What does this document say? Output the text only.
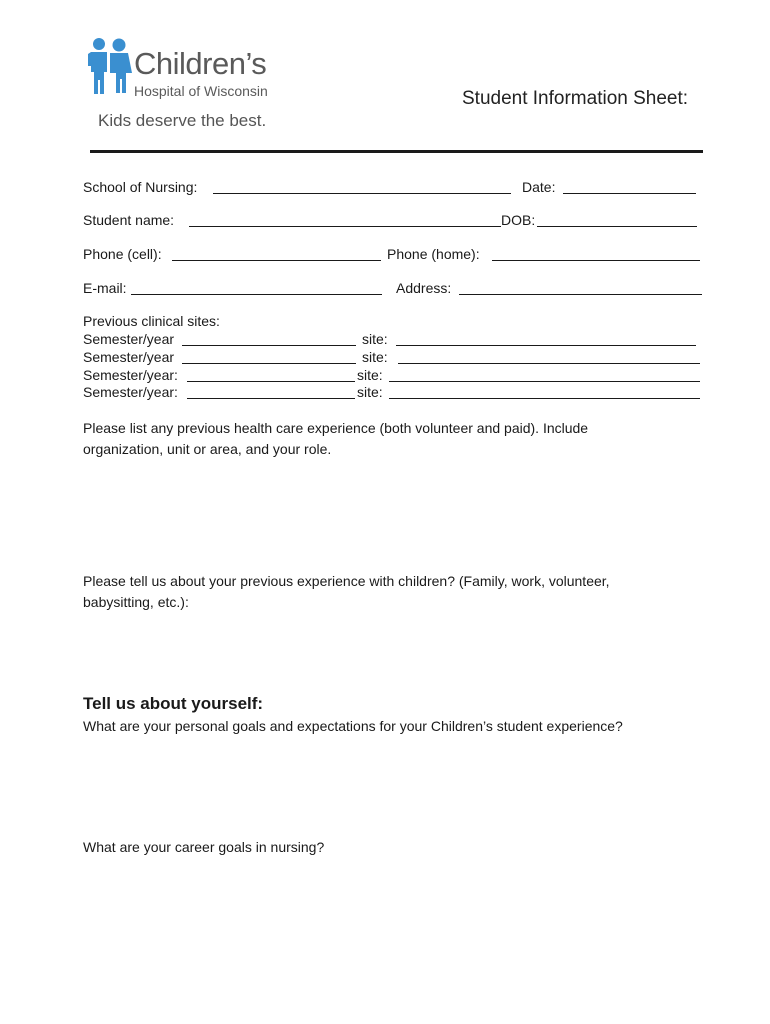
Children’s
Hospital of Wisconsin
Kids deserve the best.
Student Information Sheet:
School of Nursing:	Date:
Student name:	DOB:
Phone (cell):	Phone (home):
E-mail:	Address:
Previous clinical sites:
Semester/year	site:
Semester/year	site:
Semester/year:	site:
Semester/year:	site:
Please list any previous health care experience (both volunteer and paid). Include organization, unit or area, and your role.
Please tell us about your previous experience with children? (Family, work, volunteer, babysitting, etc.):
Tell us about yourself:
What are your personal goals and expectations for your Children’s student experience?
What are your career goals in nursing?
